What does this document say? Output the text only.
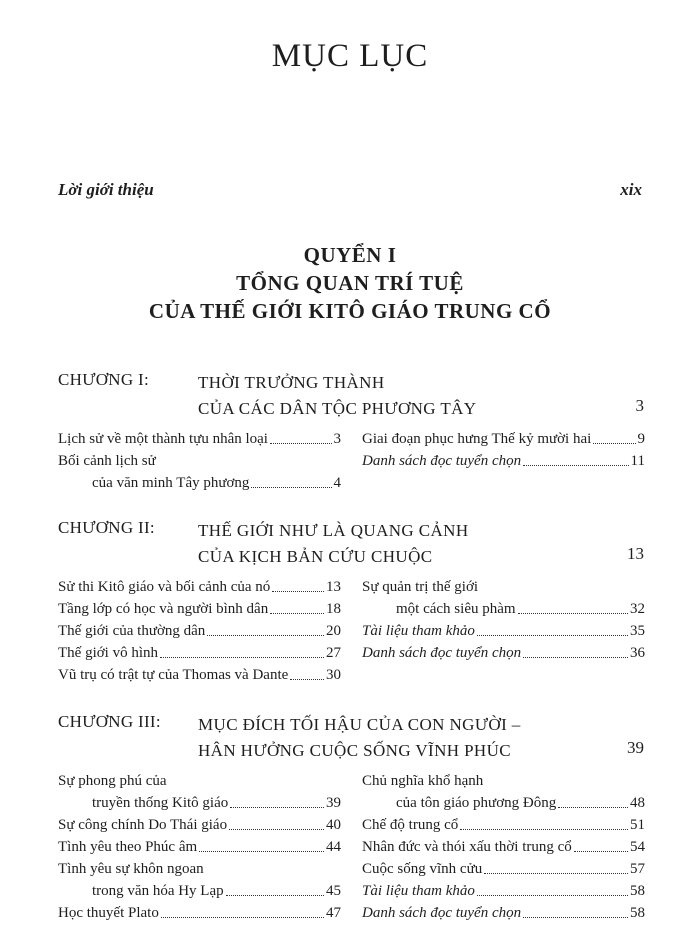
MỤC LỤC
Lời giới thiệu	xix
QUYỂN I
TỔNG QUAN TRÍ TUỆ
CỦA THẾ GIỚI KITÔ GIÁO TRUNG CỔ
CHƯƠNG I:	THỜI TRƯỞNG THÀNH
CỦA CÁC DÂN TỘC PHƯƠNG TÂY	3
Lịch sử về một thành tựu nhân loại	3
Bối cảnh lịch sử
của văn minh Tây phương	4
Giai đoạn phục hưng Thế kỷ mười hai	9
Danh sách đọc tuyển chọn	11
CHƯƠNG II:	THẾ GIỚI NHƯ LÀ QUANG CẢNH
CỦA KỊCH BẢN CỨU CHUỘC	13
Sử thi Kitô giáo và bối cảnh của nó	13
Tầng lớp có học và người bình dân	18
Thế giới của thường dân	20
Thế giới vô hình	27
Vũ trụ có trật tự của Thomas và Dante	30
Sự quản trị thế giới
một cách siêu phàm	32
Tài liệu tham khảo	35
Danh sách đọc tuyển chọn	36
CHƯƠNG III: MỤC ĐÍCH TỐI HẬU CỦA CON NGƯỜI –
HÂN HƯỞNG CUỘC SỐNG VĨNH PHÚC	39
Sự phong phú của
truyền thống Kitô giáo	39
Sự công chính Do Thái giáo	40
Tình yêu theo Phúc âm	44
Tình yêu sự khôn ngoan
trong văn hóa Hy Lạp	45
Học thuyết Plato	47
Chủ nghĩa khổ hạnh
của tôn giáo phương Đông	48
Chế độ trung cổ	51
Nhân đức và thói xấu thời trung cổ	54
Cuộc sống vĩnh cửu	57
Tài liệu tham khảo	58
Danh sách đọc tuyển chọn	58
